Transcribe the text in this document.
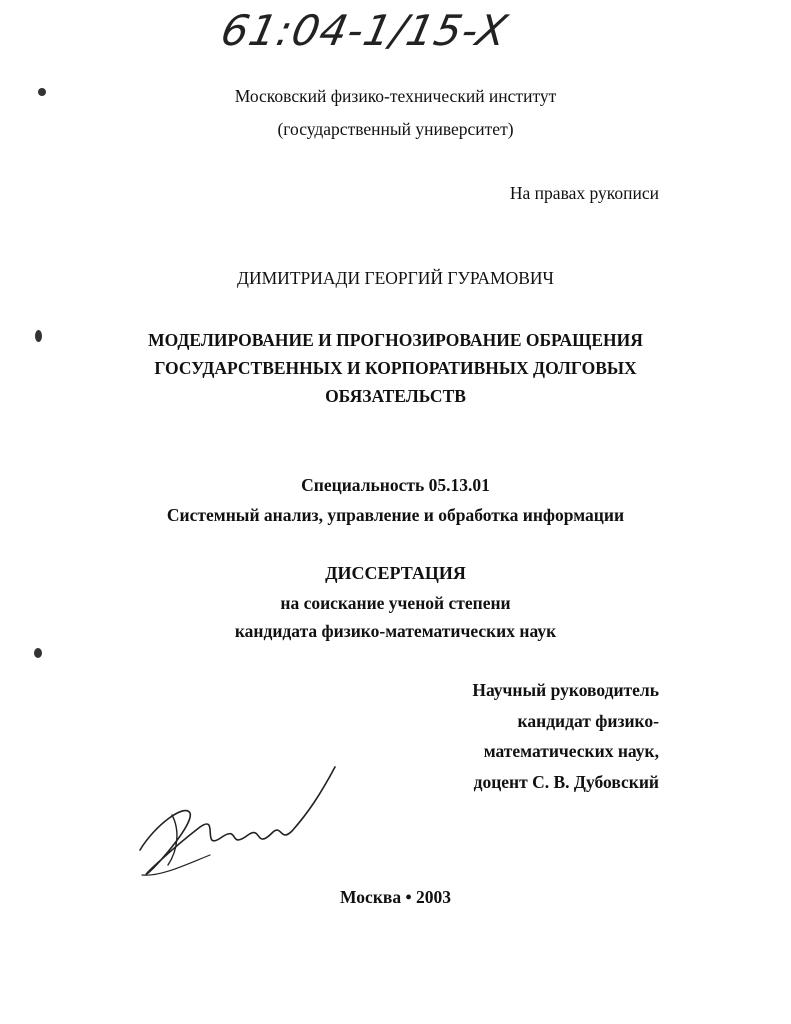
61:04-1/15-X
Московский физико-технический институт
(государственный университет)
На правах рукописи
ДИМИТРИАДИ ГЕОРГИЙ ГУРАМОВИЧ
МОДЕЛИРОВАНИЕ И ПРОГНОЗИРОВАНИЕ ОБРАЩЕНИЯ
ГОСУДАРСТВЕННЫХ И КОРПОРАТИВНЫХ ДОЛГОВЫХ
ОБЯЗАТЕЛЬСТВ
Специальность 05.13.01
Системный анализ, управление и обработка информации
ДИССЕРТАЦИЯ
на соискание ученой степени
кандидата физико-математических наук
Научный руководитель
кандидат физико-
математических наук,
доцент С. В. Дубовский
Москва • 2003
